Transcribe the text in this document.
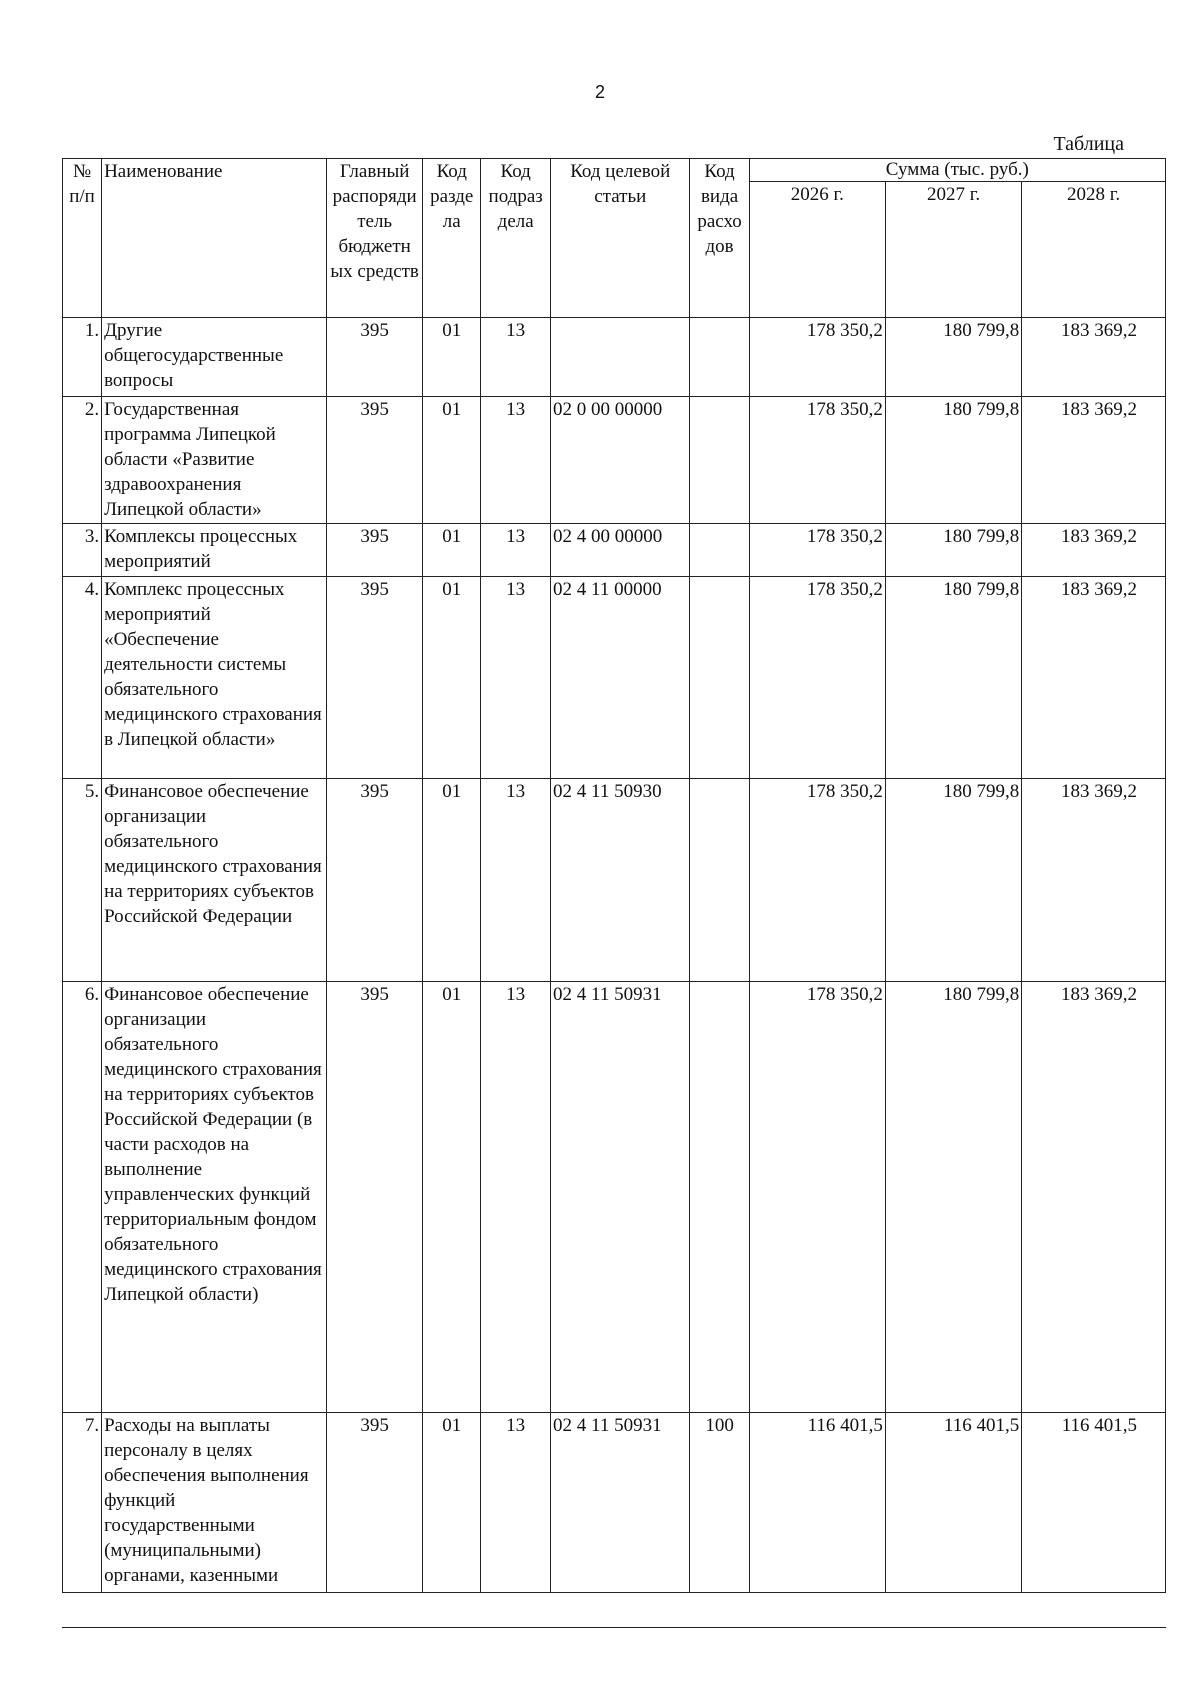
2
Таблица
№ п/п	Наименование	Главный распоряди тель бюджетн ых средств	Код разде ла	Код подраз дела	Код целевой статьи	Код вида расхо дов	Сумма (тыс. руб.)		
							2026 г.	2027 г.	2028 г.
1.	Другие общегосударственные вопросы	395	01	13			178 350,2	180 799,8	183 369,2
2.	Государственная программа Липецкой области «Развитие здравоохранения Липецкой области»	395	01	13	02 0 00 00000		178 350,2	180 799,8	183 369,2
3.	Комплексы процессных мероприятий	395	01	13	02 4 00 00000		178 350,2	180 799,8	183 369,2
4.	Комплекс процессных мероприятий «Обеспечение деятельности системы обязательного медицинского страхования в Липецкой области»	395	01	13	02 4 11 00000		178 350,2	180 799,8	183 369,2
5.	Финансовое обеспечение организации обязательного медицинского страхования на территориях субъектов Российской Федерации	395	01	13	02 4 11 50930		178 350,2	180 799,8	183 369,2
6.	Финансовое обеспечение организации обязательного медицинского страхования на территориях субъектов Российской Федерации (в части расходов на выполнение управленческих функций территориальным фондом обязательного медицинского страхования Липецкой области)	395	01	13	02 4 11 50931		178 350,2	180 799,8	183 369,2
7.	Расходы на выплаты персоналу в целях обеспечения выполнения функций государственными (муниципальными) органами, казенными	395	01	13	02 4 11 50931	100	116 401,5	116 401,5	116 401,5
